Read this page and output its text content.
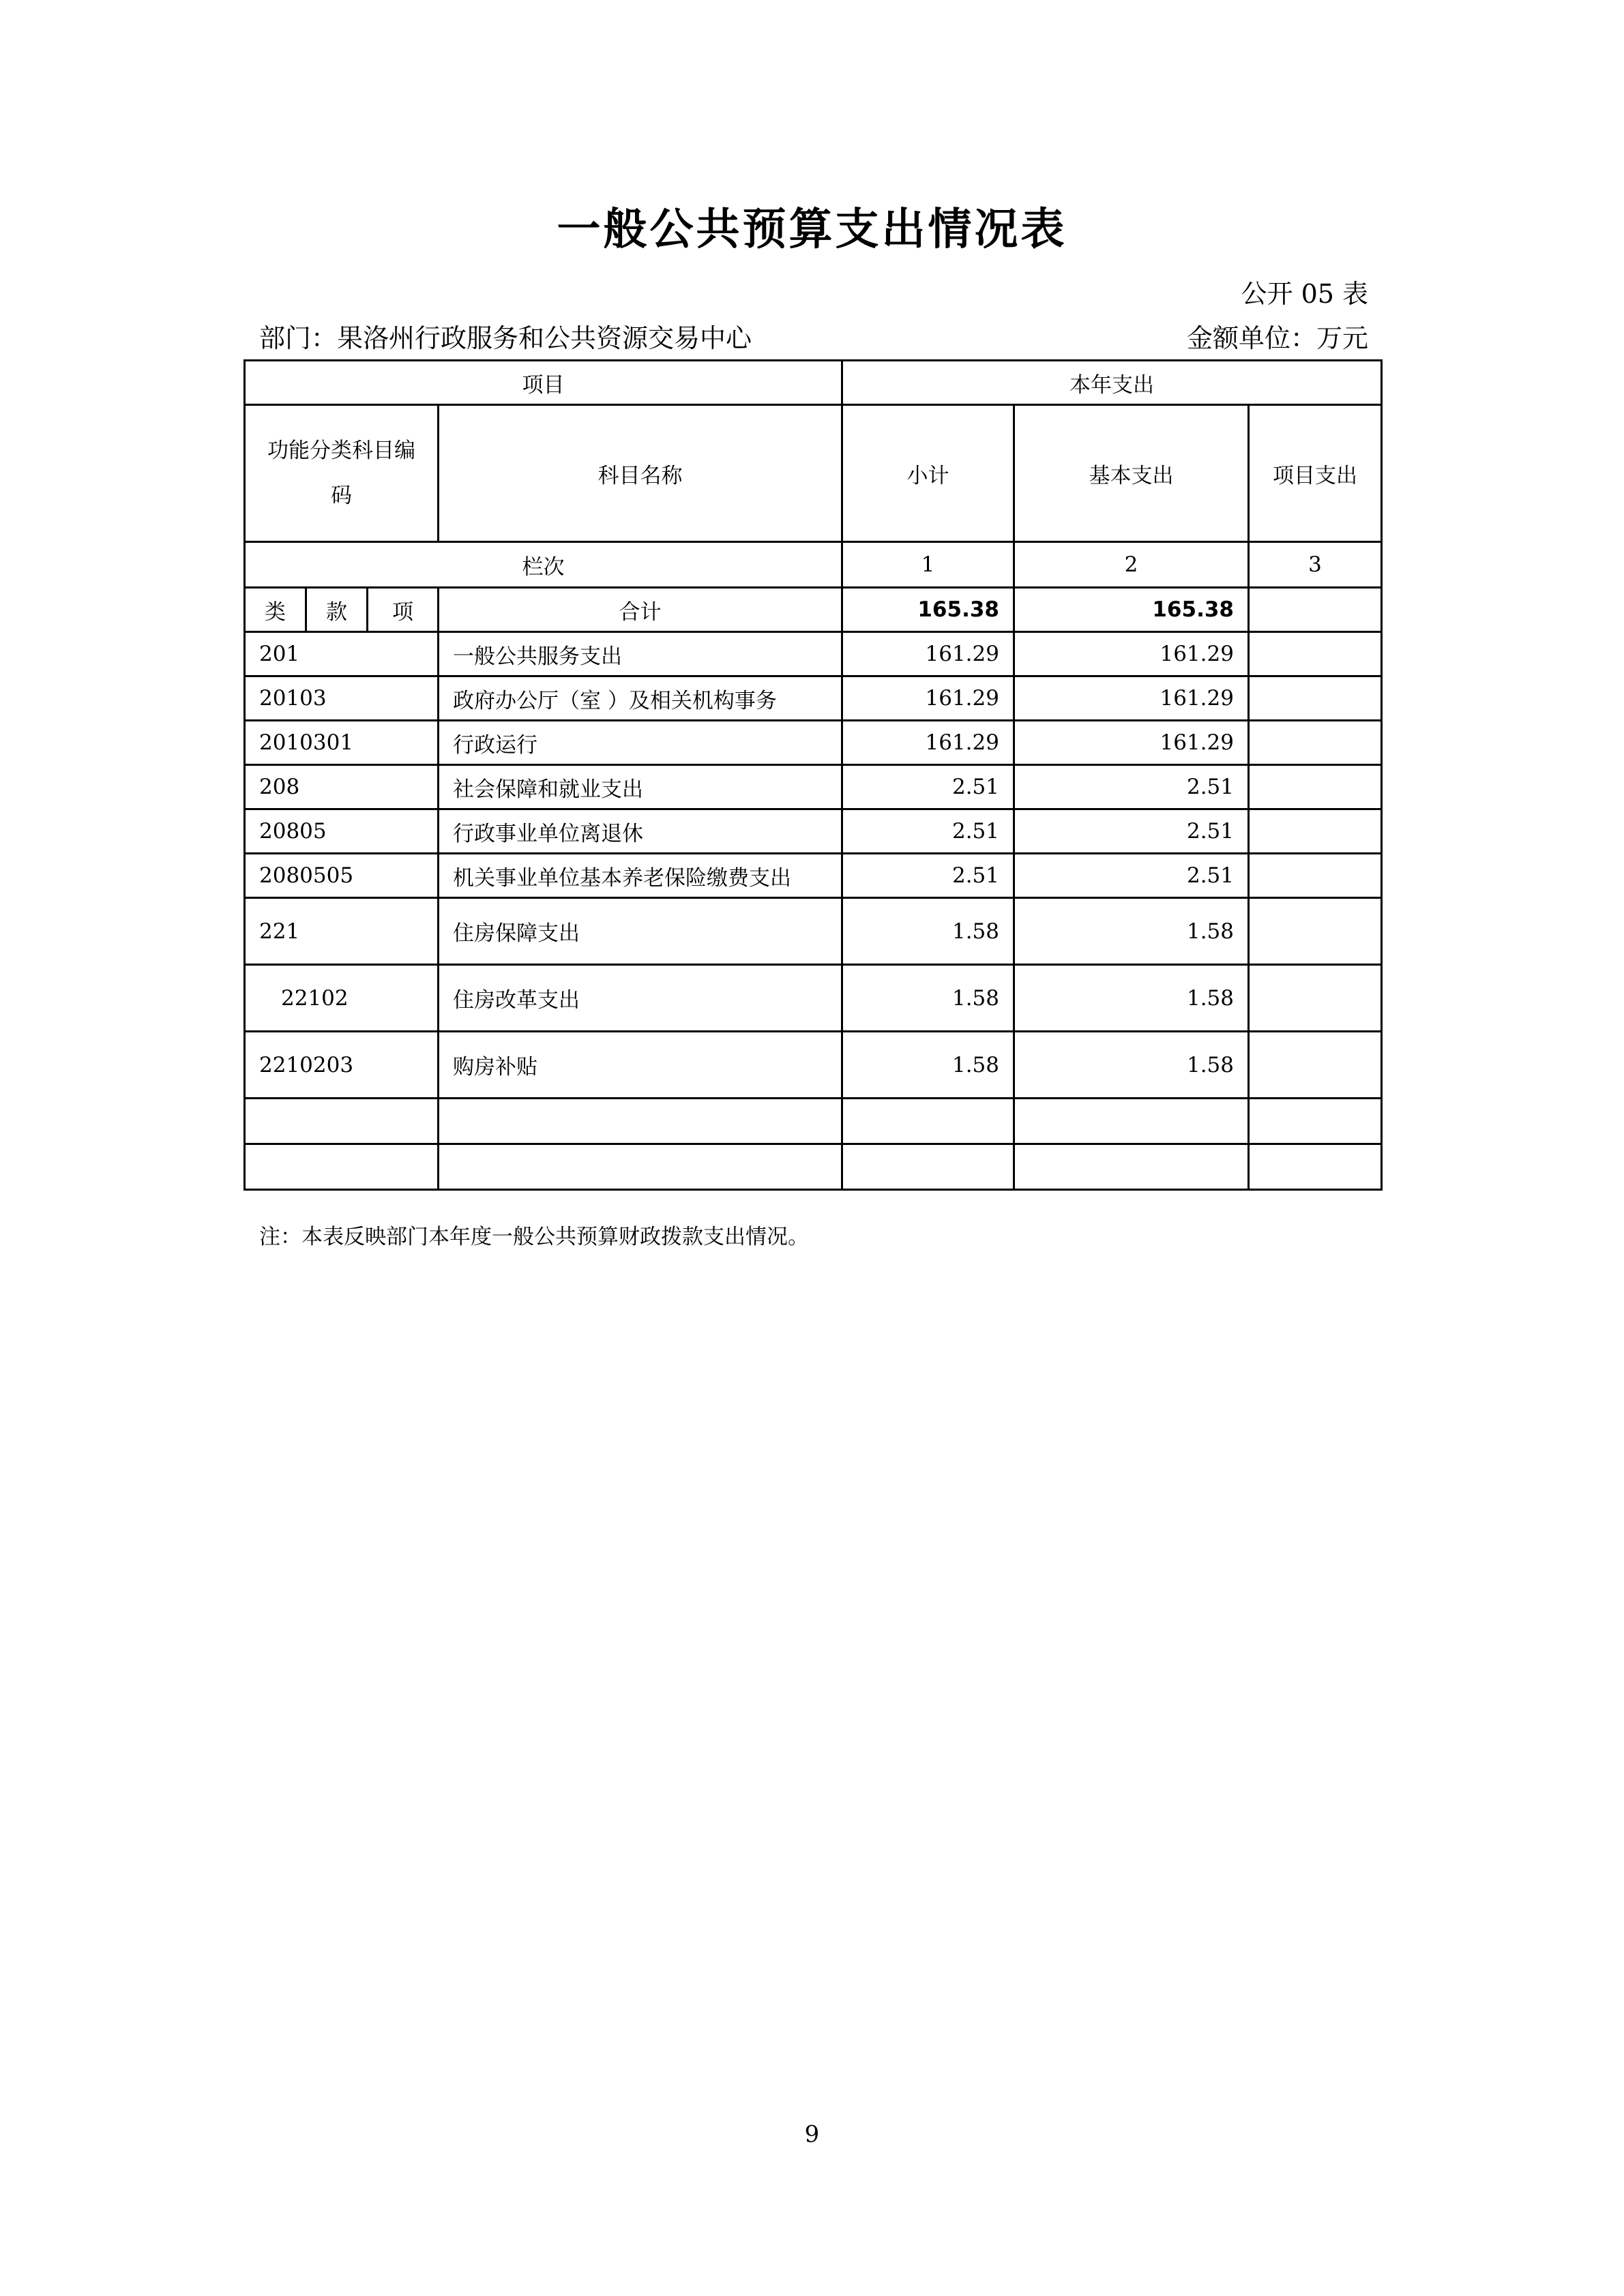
一般公共预算支出情况表
公开 05 表
部门：果洛州行政服务和公共资源交易中心	金额单位：万元
项目				本年支出		
功能分类科目编码			科目名称	小计	基本支出	项目支出
栏次				1	2	3
类	款	项	合计	165.38	165.38	
201			一般公共服务支出	161.29	161.29	
20103			政府办公厅（室 ）及相关机构事务	161.29	161.29	
2010301			行政运行	161.29	161.29	
208			社会保障和就业支出	2.51	2.51	
20805			行政事业单位离退休	2.51	2.51	
2080505			机关事业单位基本养老保险缴费支出	2.51	2.51	
221			住房保障支出	1.58	1.58	
22102			住房改革支出	1.58	1.58	
2210203			购房补贴	1.58	1.58	

注：本表反映部门本年度一般公共预算财政拨款支出情况。
9
